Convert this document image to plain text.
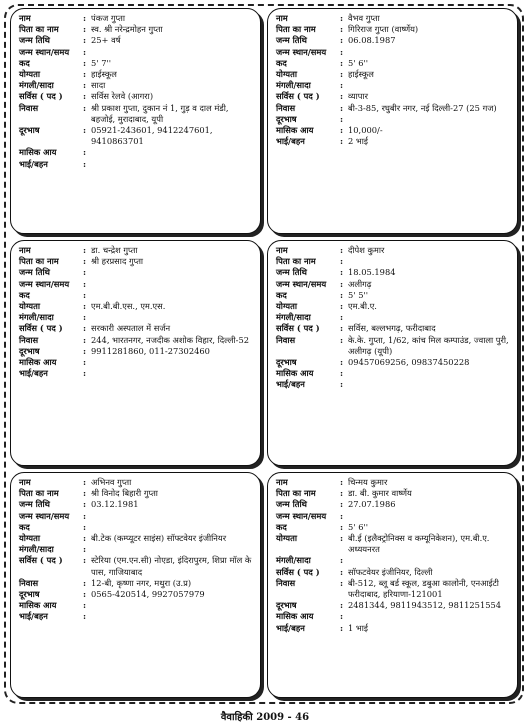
नाम	: पंकज गुप्ता
पिता का नाम	: स्व. श्री नरेन्द्रमोहन गुप्ता
जन्म तिथि	: 25+ वर्ष
जन्म स्थान/समय	:
कद	: 5' 7''
योग्यता	: हाईस्कूल
मंगली/सादा	: सादा
सर्विस ( पद )	: सर्विस रेलवे (आगरा)
निवास	: श्री प्रकाश गुप्ता, दुकान नं 1, गुड़ व दाल मंडी, बहजोई, मुरादाबाद, यूपी
दूरभाष	: 05921-243601, 9412247601, 9410863701
मासिक आय	:
भाई/बहन	:
नाम	: वैभव गुप्ता
पिता का नाम	: गिरिराज गुप्ता (वार्ष्णेय)
जन्म तिथि	: 06.08.1987
जन्म स्थान/समय	:
कद	: 5' 6''
योग्यता	: हाईस्कूल
मंगली/सादा	:
सर्विस ( पद )	: व्यापार
निवास	: बी-3-85, रघुबीर नगर, नई दिल्ली-27 (25 गज)
दूरभाष	:
मासिक आय	: 10,000/-
भाई/बहन	: 2 भाई
नाम	: डा. चन्द्रेश गुप्ता
पिता का नाम	: श्री हरप्रसाद गुप्ता
जन्म तिथि	:
जन्म स्थान/समय	:
कद	:
योग्यता	: एम.बी.बी.एस., एम.एस.
मंगली/सादा	:
सर्विस ( पद )	: सरकारी अस्पताल में सर्जन
निवास	: 244, भारतनगर, नजदीक अशोक विहार, दिल्ली-52
दूरभाष	: 9911281860, 011-27302460
मासिक आय	:
भाई/बहन	:
नाम	: दीपेश कुमार
पिता का नाम	:
जन्म तिथि	: 18.05.1984
जन्म स्थान/समय	: अलीगढ़
कद	: 5' 5''
योग्यता	: एम.बी.ए.
मंगली/सादा	:
सर्विस ( पद )	: सर्विस, बल्लभगढ़, फरीदाबाद
निवास	: के.के. गुप्ता, 1/62, कांच मिल कम्पाउंड, ज्वाला पुरी, अलीगढ़ (यूपी)
दूरभाष	: 09457069256, 09837450228
मासिक आय	:
भाई/बहन	:
नाम	: अभिनव गुप्ता
पिता का नाम	: श्री विनोद बिहारी गुप्ता
जन्म तिथि	: 03.12.1981
जन्म स्थान/समय	:
कद	:
योग्यता	: बी.टेक (कम्प्यूटर साइंस) सॉफ्टवेयर इंजीनियर
मंगली/सादा	:
सर्विस ( पद )	: स्टेरिया (एम.एन.सी) नोएडा, इंदिरापुरम, शिप्रा मॉल के पास, गाजियाबाद
निवास	: 12-बी, कृष्णा नगर, मथुरा (उ.प्र)
दूरभाष	: 0565-420514, 9927057979
मासिक आय	:
भाई/बहन	:
नाम	: चिन्मय कुमार
पिता का नाम	: डा. बी. कुमार वार्ष्णेय
जन्म तिथि	: 27.07.1986
जन्म स्थान/समय	:
कद	: 5' 6''
योग्यता	: बी.ई (इलैक्ट्रोनिक्स व कम्यूनिकेशन), एम.बी.ए. अध्ययनरत
मंगली/सादा	:
सर्विस ( पद )	: सॉफटवेयर इंजीनियर, दिल्ली
निवास	: बी-512, ब्लू बर्ड स्कूल, डबुआ कालोनी, एनआईटी फरीदाबाद, हरियाणा-121001
दूरभाष	: 2481344, 9811943512, 9811251554
मासिक आय	:
भाई/बहन	: 1 भाई
वैवाहिकी 2009 - 46
